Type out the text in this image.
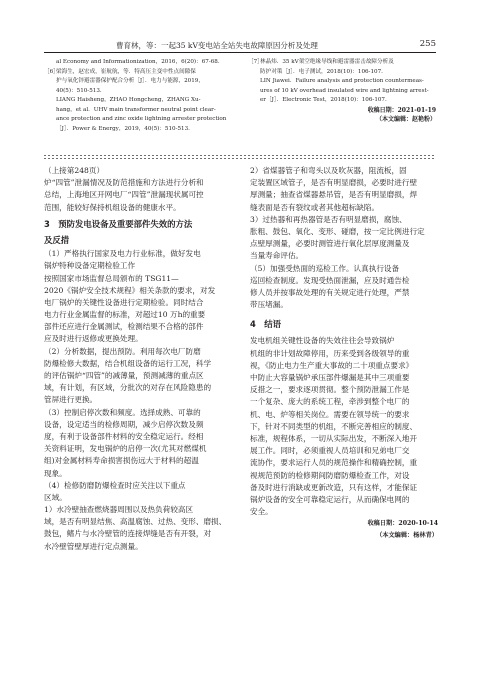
曹育林，等：一起35 kV变电站全站失电故障原因分析及处理	255
al Economy and Informationization，2016，6(20)：67-68.
［6］
梁海生，赵宏成，崔航航，等．特高压主变中性点间隙保
护与氧化锌避雷器保护配合分析［J］．电力与能源，2019，
40(5)：510-513.
LIANG Haisheng，ZHAO Hongcheng，ZHANG Xu-
hang，et al．UHV main transformer neutral point clear-
ance protection and zinc oxide lightning arrester protection
［J］．Power & Energy，2019，40(5)：510-513.
［7］
林晶炜．35 kV架空绝缘导线和避雷器雷击故障分析及
防护对策［J］．电子测试，2018(10)：106-107.
LIN Jiawei．Failure analysis and protection countermeas-
ures of 10 kV overhead insulated wire and lightning arrest-
er［J］．Electronic Test，2018(10)：106-107.
收稿日期：2021-01-19
（本文编辑：赵艳粉）
（上接第248页）
炉“四管”泄漏情况及防范措施和方法进行分析和
总结，上海地区开网电厂“四管”泄漏现状属可控
范围，能较好保持机组设备的健康水平。
3　预防发电设备及重要部件失效的方法
及反措
（1）严格执行国家及电力行业标准，做好发电
锅炉特种设备定期检验工作
按照国家市场监督总局颁布的 TSG11—
2020《锅炉安全技术规程》相关条款的要求，对发
电厂锅炉的关键性设备进行定期检验。同时结合
电力行业金属监督的标准，对超过10 万h的重要
部件还应进行金属测试，检测结果不合格的部件
应及时进行返修或更换处理。
（2）分析数据，提出预防。利用每次电厂防磨
防爆检修大数据，结合机组设备的运行工况，科学
的评估锅炉“四管”的减薄量，预测减薄的重点区
域，有计划，有区域，分批次的对存在风险隐患的
管屏进行更换。
（3）控制启停次数和频度。选择成熟、可靠的
设备，设定适当的检修周期，减少启停次数及频
度，有利于设备部件材料的安全稳定运行。经相
关资料证明，发电锅炉的启停一次(尤其对燃煤机
组)对金属材料寿命损害损伤远大于材料的超温
现象。
（4）检修防磨防爆检查时应关注以下重点
区域。
1）水冷壁抽查燃烧器周围以及热负荷较高区
域，是否有明显结焦、高温腐蚀、过热、变形、磨损、
鼓包，鳍片与水冷壁管的连接焊缝是否有开裂，对
水冷壁管壁厚进行定点测量。
2）省煤器管子和弯头以及吹灰器，阻流板，固
定装置区域管子，是否有明显磨损，必要时进行壁
厚测量；抽查省煤器悬吊管，是否有明显磨损，焊
缝表面是否有裂纹或者其他超标缺陷。
3）过热器和再热器管是否有明显磨损，腐蚀、
胀粗、鼓包、氧化、变形、碰磨，按一定比例进行定
点壁厚测量，必要时测管进行氧化层厚度测量及
当量寿命评估。
（5）加强受热面的巡检工作。认真执行设备
巡回检查制度。发现受热面泄漏，应及时通告检
修人员并按事故处理的有关规定进行处理，严禁
带压堵漏。
4　结语
发电机组关键性设备的失效往往会导致锅炉
机组的非计划故障停用，历来受到各级领导的重
视，《防止电力生产重大事故的二十项重点要求》
中防止大容量锅炉承压部件爆漏是其中三项重要
反措之一，要求逐项贯彻。整个预防泄漏工作是
一个复杂、庞大的系统工程，牵涉到整个电厂的
机、电、炉等相关岗位。需要在领导统一的要求
下，针对不同类型的机组，不断完善相应的制度、
标准，规程体系，一切从实际出发，不断深入地开
展工作。同时，必须重视人员培训和兄弟电厂交
流协作，要求运行人员的规范操作和精确控制，重
视规范预防的检修期间防磨防爆检查工作，对设
备及时进行消缺或更新改造，只有这样，才能保证
锅炉设备的安全可靠稳定运行，从而确保电网的
安全。
收稿日期：2020-10-14
（本文编辑：杨林青）
